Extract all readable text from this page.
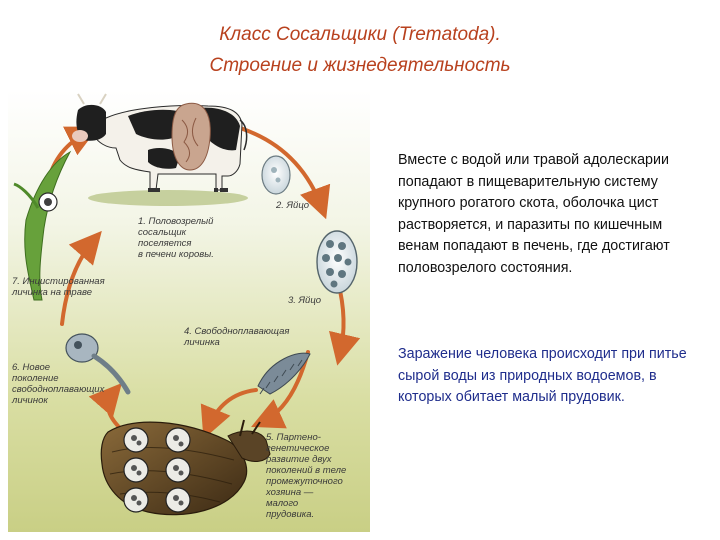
Класс Сосальщики (Trematoda).
Строение и жизнедеятельность
1. Половозрелый
сосальщик
поселяется
в печени коровы.
2. Яйцо
3. Яйцо
4. Свободноплавающая
личинка
5. Партено-
генетическое
развитие двух
поколений в теле
промежуточного
хозяина —
малого
прудовика.
6. Новое
поколение
свободноплавающих
личинок
7. Инцистированная
личинка на траве
Вместе с водой или травой адолескарии попадают в пищеварительную систему крупного рогатого скота, оболочка цист растворяется, и паразиты по кишечным венам попадают в печень, где достигают половозрелого состояния.
Заражение человека происходит при питье сырой воды из природных водоемов, в которых обитает малый прудовик.
